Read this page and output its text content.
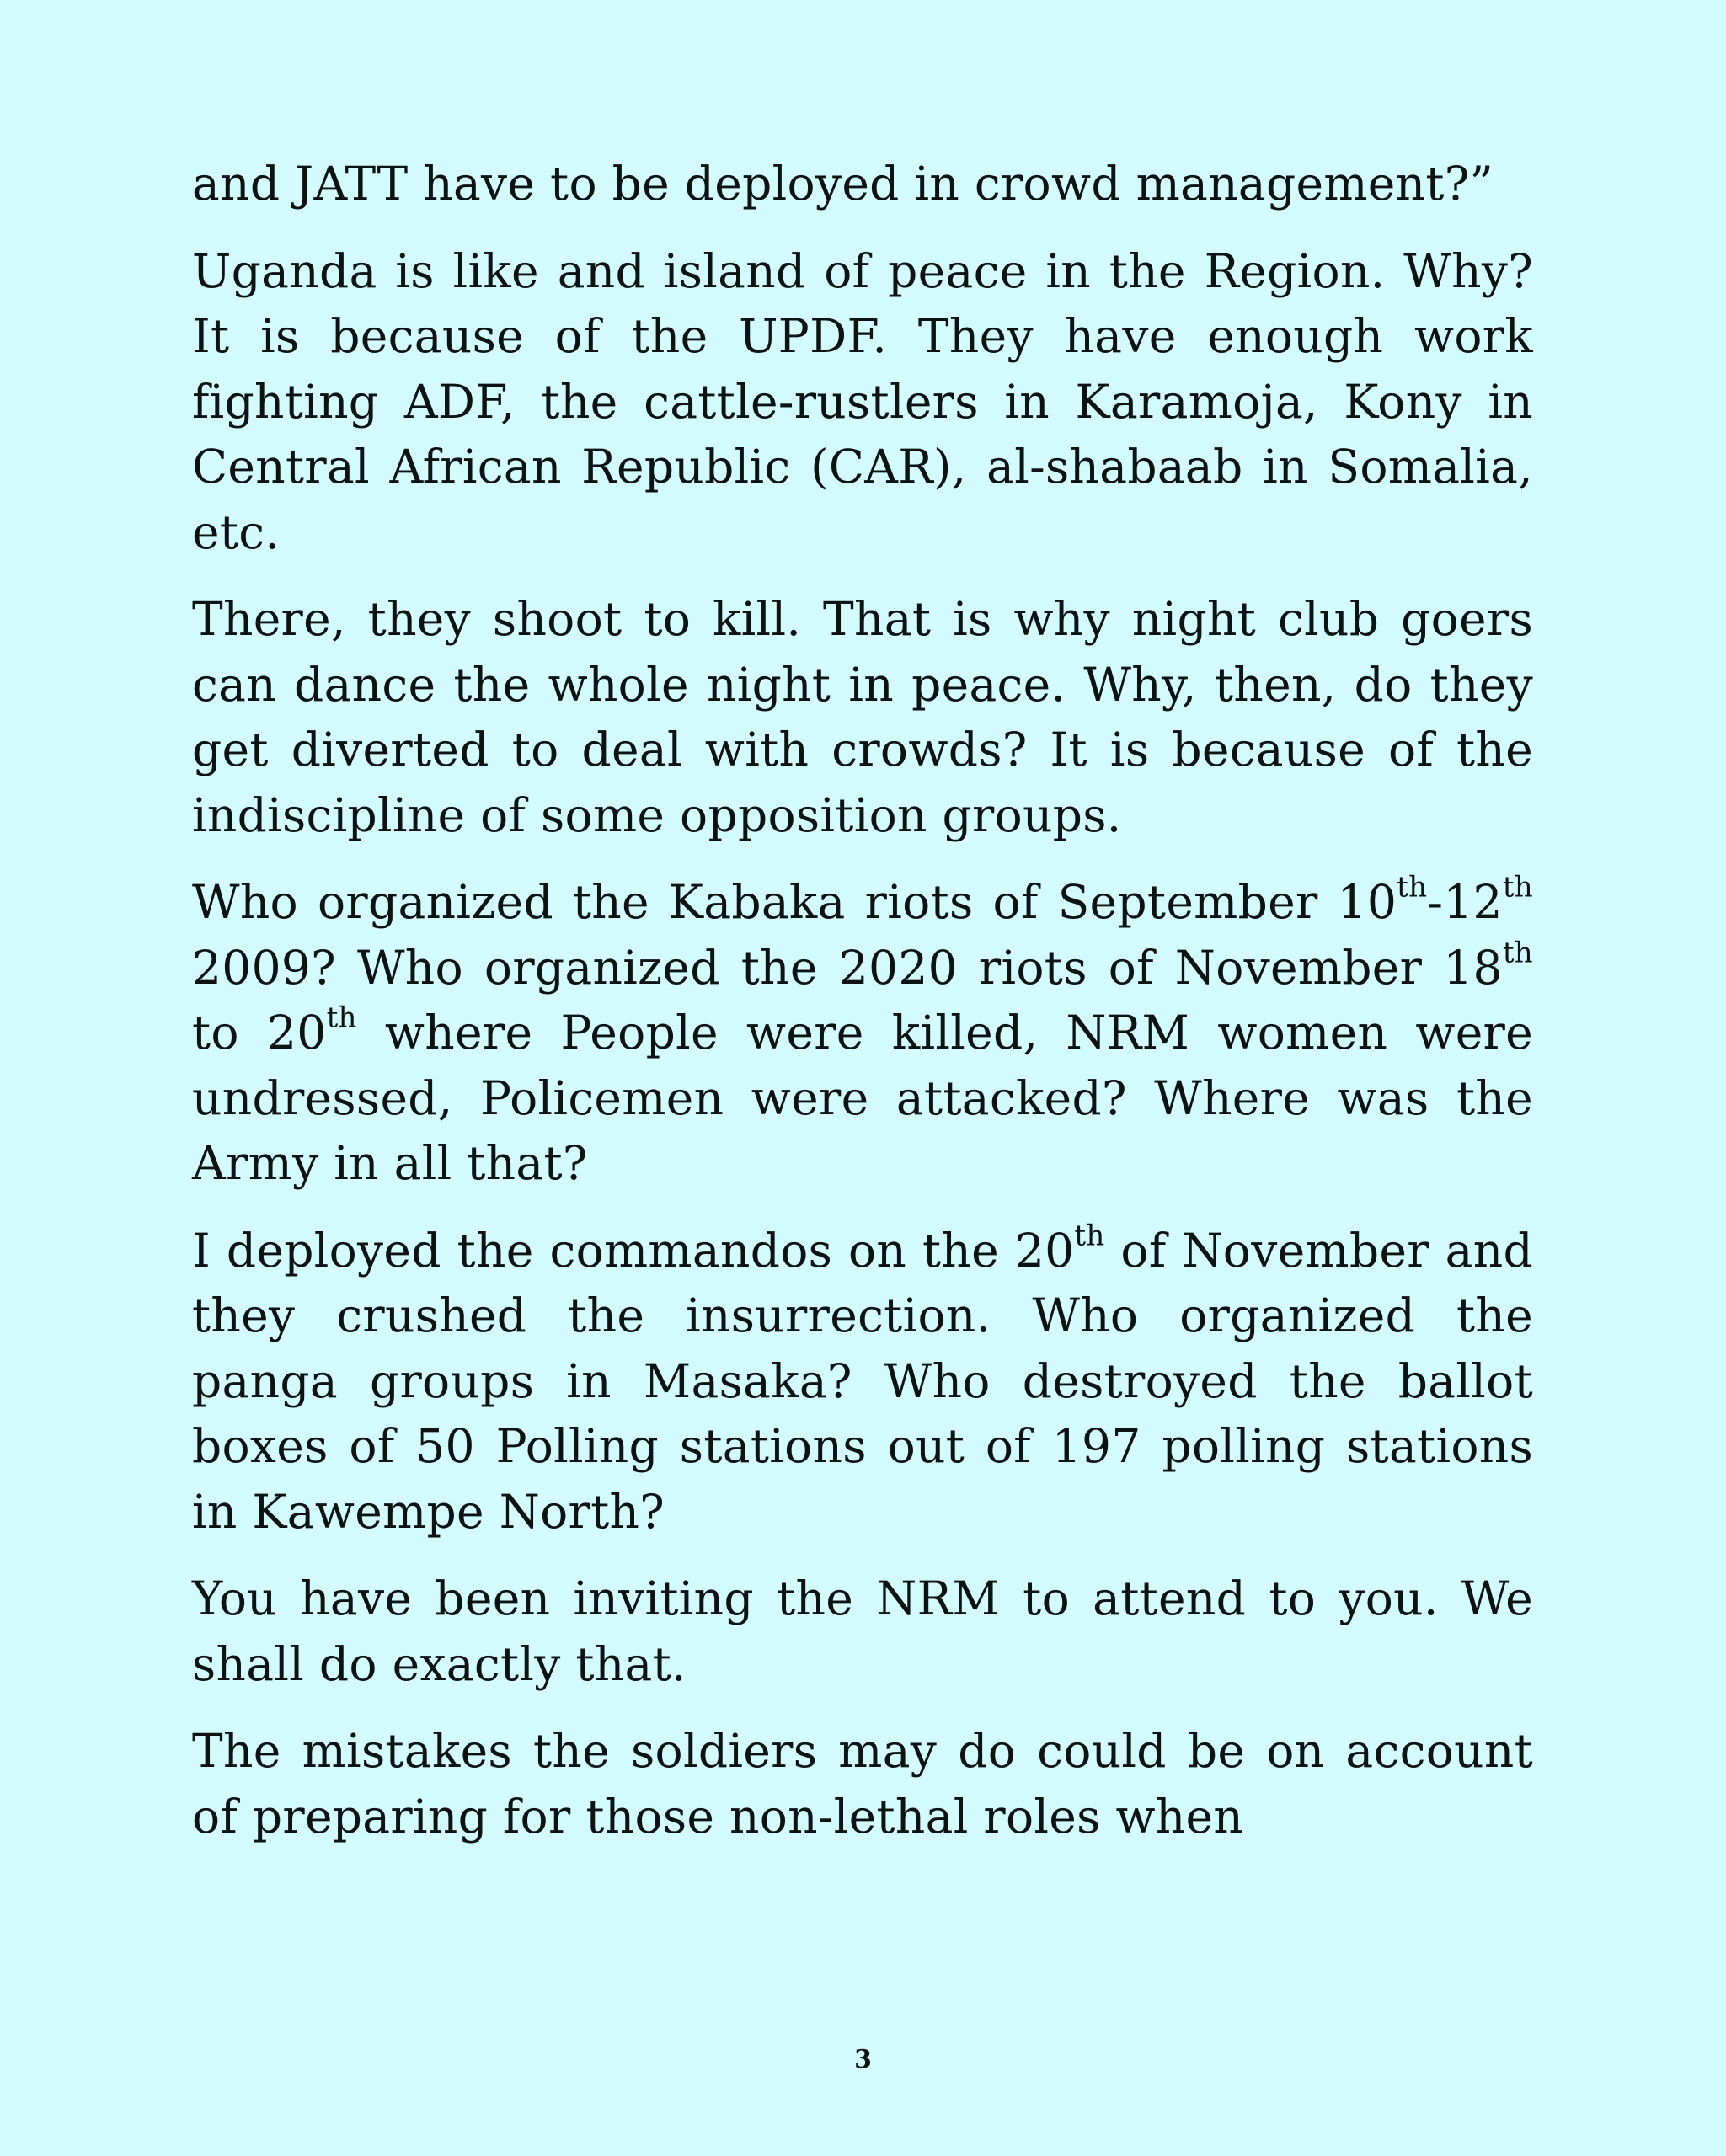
and JATT have to be deployed in crowd management?”

Uganda is like and island of peace in the Region. Why? It is because of the UPDF. They have enough work fighting ADF, the cattle-rustlers in Karamoja, Kony in Central African Republic (CAR), al-shabaab in Somalia, etc.

There, they shoot to kill. That is why night club goers can dance the whole night in peace. Why, then, do they get diverted to deal with crowds? It is because of the indiscipline of some opposition groups.

Who organized the Kabaka riots of September 10th-12th 2009? Who organized the 2020 riots of November 18th to 20th where People were killed, NRM women were undressed, Policemen were attacked? Where was the Army in all that?

I deployed the commandos on the 20th of November and they crushed the insurrection. Who organized the panga groups in Masaka? Who destroyed the ballot boxes of 50 Polling stations out of 197 polling stations in Kawempe North?

You have been inviting the NRM to attend to you. We shall do exactly that.

The mistakes the soldiers may do could be on account of preparing for those non-lethal roles when

3
